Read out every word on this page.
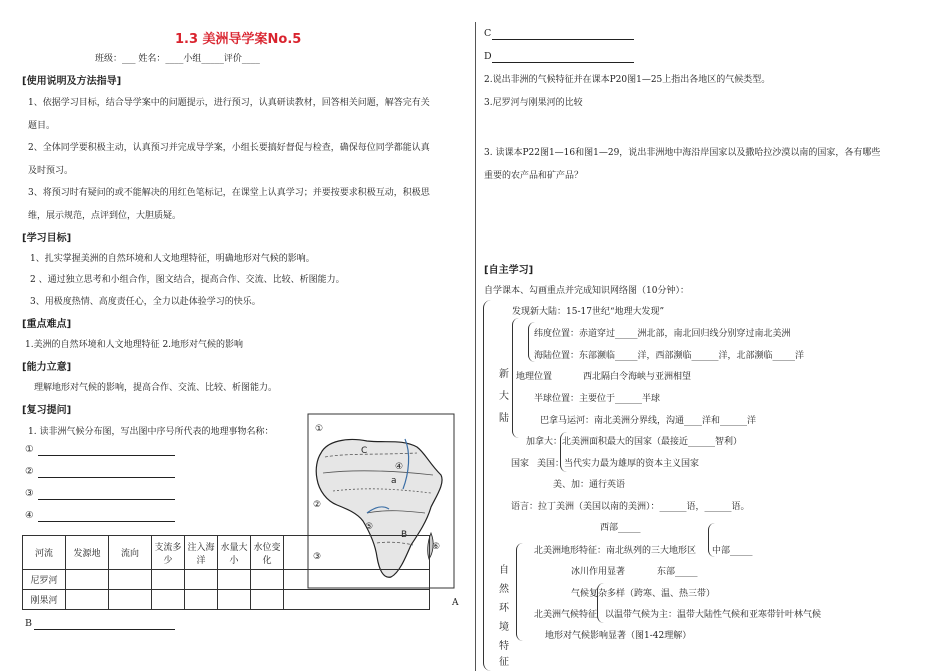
1.3 美洲导学案No.5
班级：___ 姓名：____小组_____评价____
[使用说明及方法指导]
1、依据学习目标，结合导学案中的问题提示，进行预习，认真研读教材，回答相关问题，解答完有关
题目。
2、全体同学要积极主动，认真预习并完成导学案，小组长要搞好督促与检查，确保每位同学都能认真
及时预习。
3、将预习时有疑问的或不能解决的用红色笔标记，在课堂上认真学习；并要按要求积极互动，积极思
维，展示规范，点评到位，大胆质疑。
[学习目标]
1、扎实掌握美洲的自然环境和人文地理特征，明确地形对气候的影响。
2 、通过独立思考和小组合作，图文结合，提高合作、交流、比较、析图能力。
3、用极度热情、高度责任心，全力以赴体验学习的快乐。
[重点难点]
1.美洲的自然环境和人文地理特征 2.地形对气候的影响
[能力立意]
理解地形对气候的影响，提高合作、交流、比较、析图能力。
[复习提问]
1. 读非洲气候分布图，写出图中序号所代表的地理事物名称：
①
②
③
④
①
②
③
④
⑤
⑥
C
B
a
河流	发源地	流向	支流多少	注入海洋	水量大小	水位变化	
尼罗河							
刚果河								A
B
C
D
2.说出非洲的气候特征并在课本P20图1—25上指出各地区的气候类型。
3.尼罗河与刚果河的比较
3. 读课本P22图1—16和图1—29，说出非洲地中海沿岸国家以及撒哈拉沙漠以南的国家，各有哪些
重要的农产品和矿产品？
[自主学习]
自学课本、勾画重点并完成知识网络图（10分钟）：
发现新大陆：15-17世纪“地理大发现”
纬度位置：赤道穿过_____洲北部，南北回归线分别穿过南北美洲
海陆位置：东部濒临_____洋，西部濒临______洋，北部濒临_____洋
地理位置	西北隔白令海峡与亚洲相望
半球位置：主要位于______半球
巴拿马运河：南北美洲分界线，沟通____洋和______洋
新
大
陆
加拿大：北美洲面积最大的国家（最接近______智利）
国家 美国：当代实力最为雄厚的资本主义国家
美、加：通行英语
语言：拉丁美洲（美国以南的美洲）：______语，______语。
西部_____
北美洲地形特征：南北纵列的三大地形区 中部_____
冰川作用显著	东部_____
气候复杂多样（跨寒、温、热三带）
自
然
环
境
特
征
北美洲气候特征 以温带气候为主：温带大陆性气候和亚寒带针叶林气候
地形对气候影响显著（图1-42理解）
